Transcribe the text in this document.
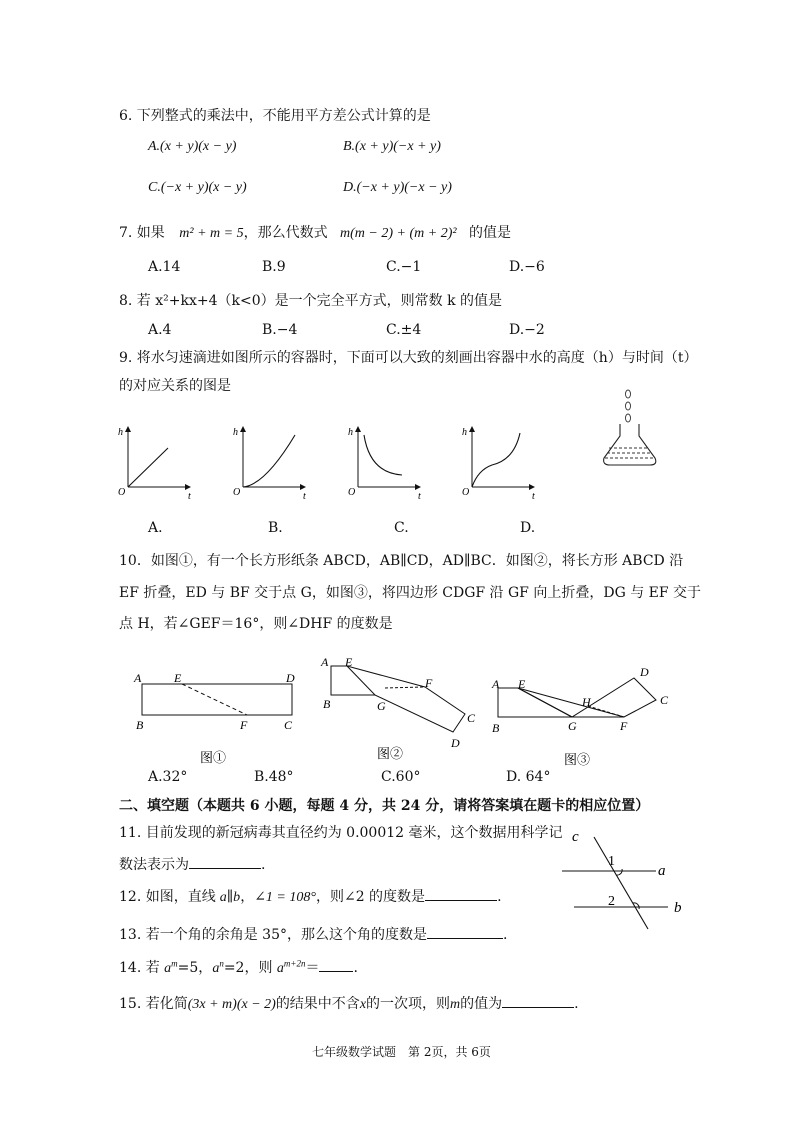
6. 下列整式的乘法中，不能用平方差公式计算的是
A.(x + y)(x − y)	B.(x + y)(−x + y)
C.(−x + y)(x − y)	D.(−x + y)(−x − y)
7. 如果 m² + m = 5，那么代数式 m(m − 2) + (m + 2)² 的值是
A.14	B.9	C.−1	D.−6
8. 若 x²+kx+4（k<0）是一个完全平方式，则常数 k 的值是
A.4	B.−4	C.±4	D.−2
9. 将水匀速滴进如图所示的容器时，下面可以大致的刻画出容器中水的高度（h）与时间（t）
的对应关系的图是
h
O	t
h
O	t
h
O	t
h
O	t
A.	B.	C.	D.
10．如图①，有一个长方形纸条 ABCD，AB∥CD，AD∥BC．如图②，将长方形 ABCD 沿
EF 折叠，ED 与 BF 交于点 G，如图③，将四边形 CDGF 沿 GF 向上折叠，DG 与 EF 交于
点 H，若∠GEF＝16°，则∠DHF 的度数是
A	E	D
B	F	C
图①
A E
F
B	G
C
D
图②
A E
D
H	C
B	G	F
图③
A.32°	B.48°	C.60°	D. 64°
二、填空题（本题共 6 小题，每题 4 分，共 24 分，请将答案填在题卡的相应位置）
11. 目前发现的新冠病毒其直径约为 0.00012 毫米，这个数据用科学记
数法表示为	.
c
1
a
2	b
12. 如图，直线 a∥b，∠1 = 108°，则∠2 的度数是	.
13. 若一个角的余角是 35°，那么这个角的度数是	.
14. 若 $a^m=5$，$a^n=2$，则 $a^{m+2n}=$ .
15. 若化简(3x + m)(x − 2)的结果中不含x的一次项，则m的值为	.
七年级数学试题　第 2页，共 6页
